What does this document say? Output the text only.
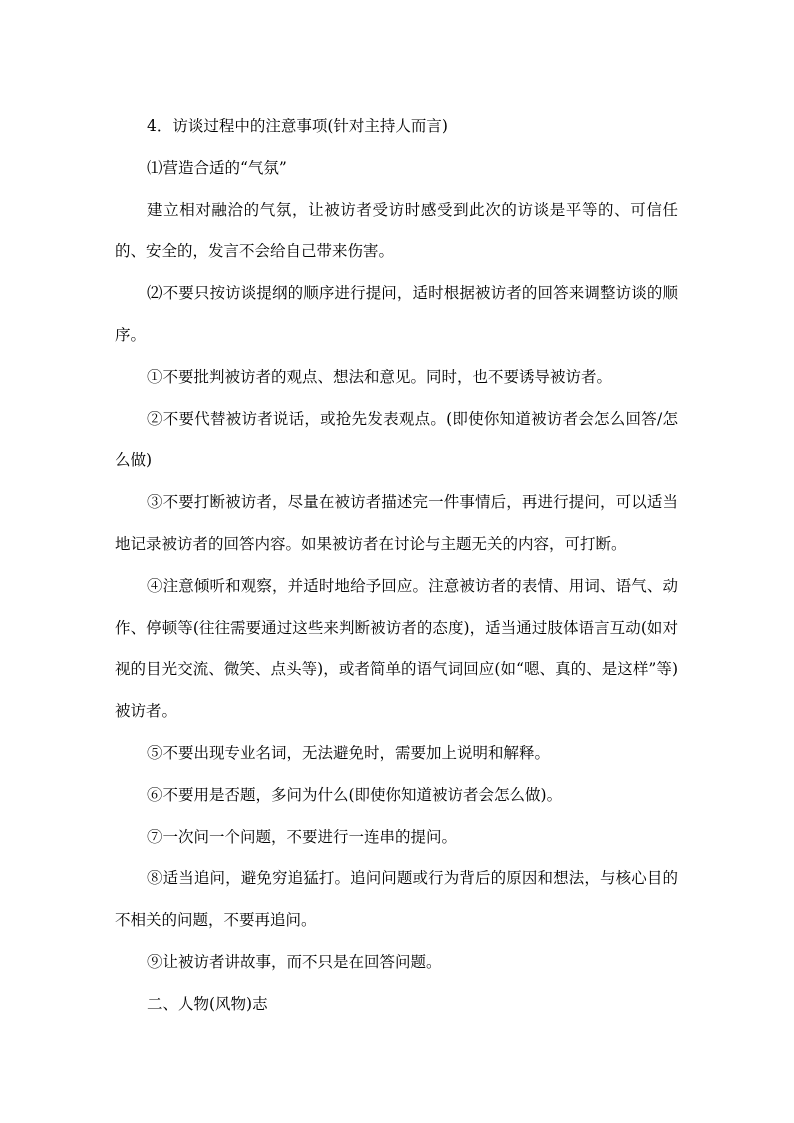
4．访谈过程中的注意事项(针对主持人而言)

⑴营造合适的“气氛”

建立相对融洽的气氛，让被访者受访时感受到此次的访谈是平等的、可信任的、安全的，发言不会给自己带来伤害。

⑵不要只按访谈提纲的顺序进行提问，适时根据被访者的回答来调整访谈的顺序。

①不要批判被访者的观点、想法和意见。同时，也不要诱导被访者。

②不要代替被访者说话，或抢先发表观点。(即使你知道被访者会怎么回答/怎么做)

③不要打断被访者，尽量在被访者描述完一件事情后，再进行提问，可以适当地记录被访者的回答内容。如果被访者在讨论与主题无关的内容，可打断。

④注意倾听和观察，并适时地给予回应。注意被访者的表情、用词、语气、动作、停顿等(往往需要通过这些来判断被访者的态度)，适当通过肢体语言互动(如对视的目光交流、微笑、点头等)，或者简单的语气词回应(如“嗯、真的、是这样”等)被访者。

⑤不要出现专业名词，无法避免时，需要加上说明和解释。

⑥不要用是否题，多问为什么(即使你知道被访者会怎么做)。

⑦一次问一个问题，不要进行一连串的提问。

⑧适当追问，避免穷追猛打。追问问题或行为背后的原因和想法，与核心目的不相关的问题，不要再追问。

⑨让被访者讲故事，而不只是在回答问题。

二、人物(风物)志
